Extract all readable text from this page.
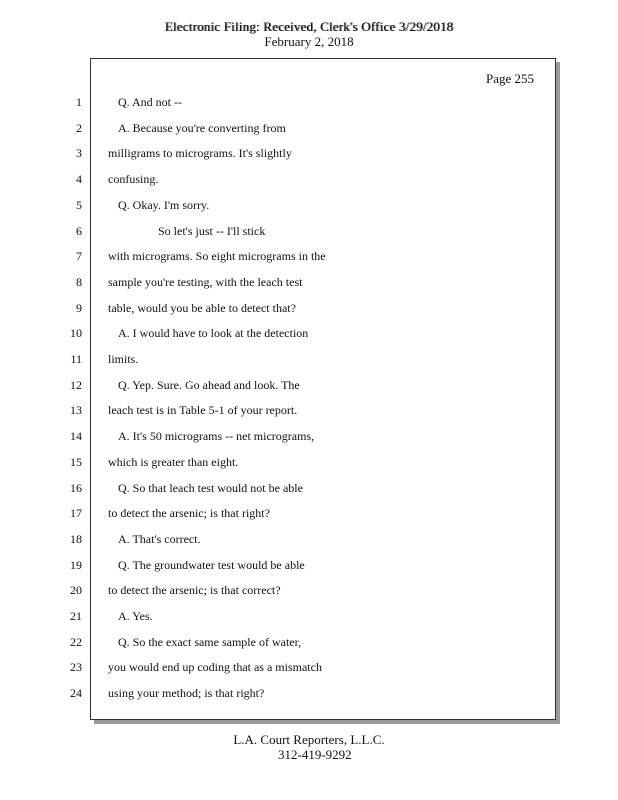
Electronic Filing: Received, Clerk's Office 3/29/2018 Electronic Filing: Received, Clerk's Office 3/29/2018
February 2, 2018
Page 255
1
2
3
4
5
6
7
8
9
10
11
12
13
14
15
16
17
18
19
20
21
22
23
24
Q. And not --
A. Because you're converting from
milligrams to micrograms. It's slightly
confusing.
Q. Okay. I'm sorry.
So let's just -- I'll stick
with micrograms. So eight micrograms in the
sample you're testing, with the leach test
table, would you be able to detect that?
A. I would have to look at the detection
limits.
Q. Yep. Sure. Go ahead and look. The
leach test is in Table 5-1 of your report.
A. It's 50 micrograms -- net micrograms,
which is greater than eight.
Q. So that leach test would not be able
to detect the arsenic; is that right?
A. That's correct.
Q. The groundwater test would be able
to detect the arsenic; is that correct?
A. Yes.
Q. So the exact same sample of water,
you would end up coding that as a mismatch
using your method; is that right?
L.A. Court Reporters, L.L.C.
312-419-9292
